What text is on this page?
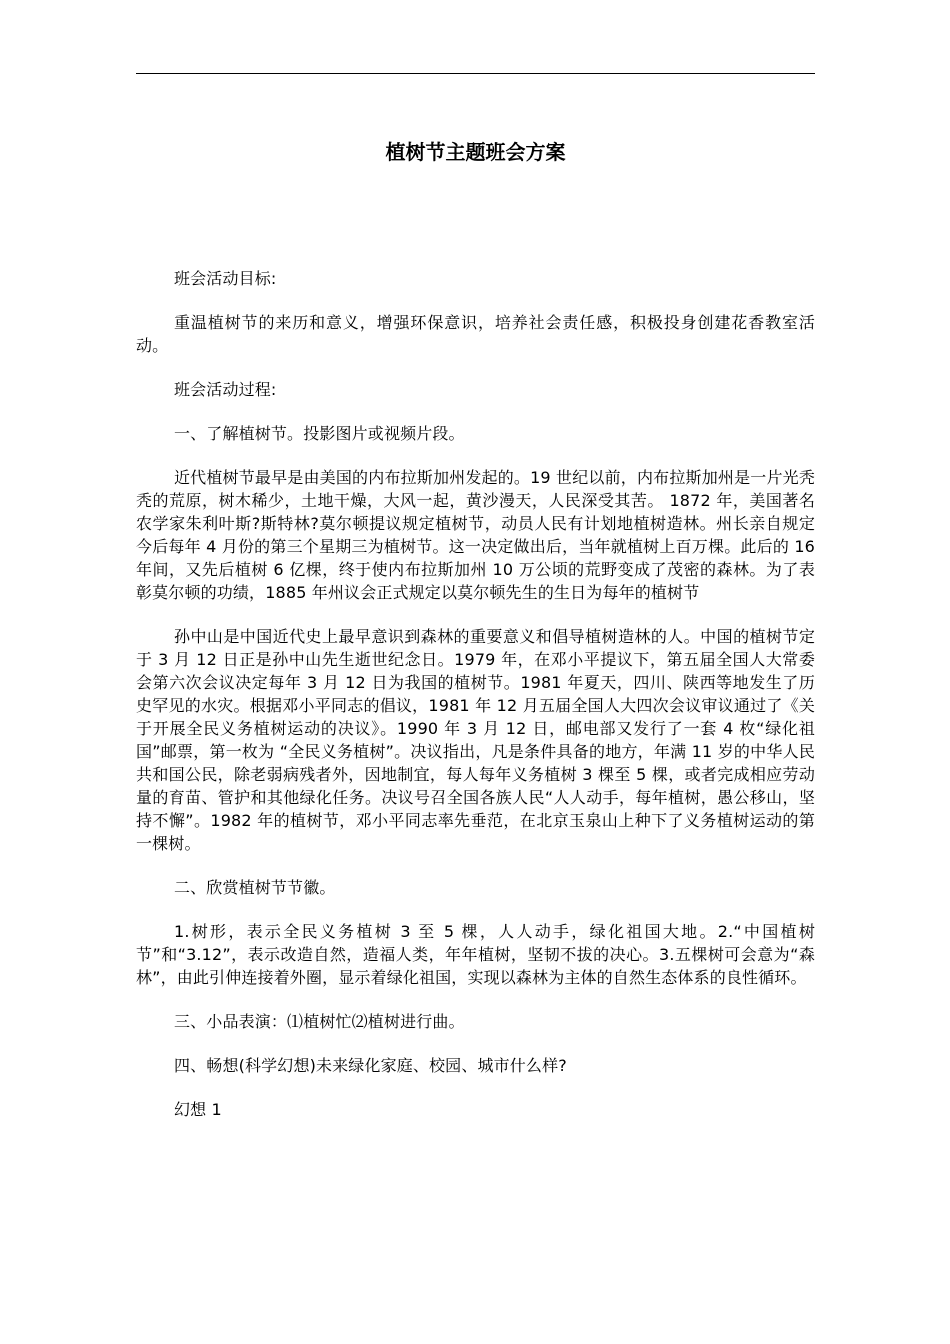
植树节主题班会方案

班会活动目标:

重温植树节的来历和意义，增强环保意识，培养社会责任感，积极投身创建花香教室活动。

班会活动过程:

一、了解植树节。投影图片或视频片段。

近代植树节最早是由美国的内布拉斯加州发起的。19 世纪以前，内布拉斯加州是一片光秃秃的荒原，树木稀少，土地干燥，大风一起，黄沙漫天，人民深受其苦。 1872 年，美国著名农学家朱利叶斯?斯特林?莫尔顿提议规定植树节，动员人民有计划地植树造林。州长亲自规定今后每年 4 月份的第三个星期三为植树节。这一决定做出后，当年就植树上百万棵。此后的 16 年间，又先后植树 6 亿棵，终于使内布拉斯加州 10 万公顷的荒野变成了茂密的森林。为了表彰莫尔顿的功绩，1885 年州议会正式规定以莫尔顿先生的生日为每年的植树节

孙中山是中国近代史上最早意识到森林的重要意义和倡导植树造林的人。中国的植树节定于 3 月 12 日正是孙中山先生逝世纪念日。1979 年，在邓小平提议下，第五届全国人大常委会第六次会议决定每年 3 月 12 日为我国的植树节。1981 年夏天，四川、陕西等地发生了历史罕见的水灾。根据邓小平同志的倡议，1981 年 12 月五届全国人大四次会议审议通过了《关于开展全民义务植树运动的决议》。1990 年 3 月 12 日，邮电部又发行了一套 4 枚“绿化祖国”邮票，第一枚为 “全民义务植树”。决议指出，凡是条件具备的地方，年满 11 岁的中华人民共和国公民，除老弱病残者外，因地制宜，每人每年义务植树 3 棵至 5 棵，或者完成相应劳动量的育苗、管护和其他绿化任务。决议号召全国各族人民“人人动手，每年植树，愚公移山，坚持不懈”。1982 年的植树节，邓小平同志率先垂范，在北京玉泉山上种下了义务植树运动的第一棵树。

二、欣赏植树节节徽。

1.树形，表示全民义务植树 3 至 5 棵，人人动手，绿化祖国大地。2.“中国植树节”和“3.12”，表示改造自然，造福人类，年年植树，坚韧不拔的决心。3.五棵树可会意为“森林”，由此引伸连接着外圈，显示着绿化祖国，实现以森林为主体的自然生态体系的良性循环。

三、小品表演：⑴植树忙⑵植树进行曲。

四、畅想(科学幻想)未来绿化家庭、校园、城市什么样?

幻想 1
